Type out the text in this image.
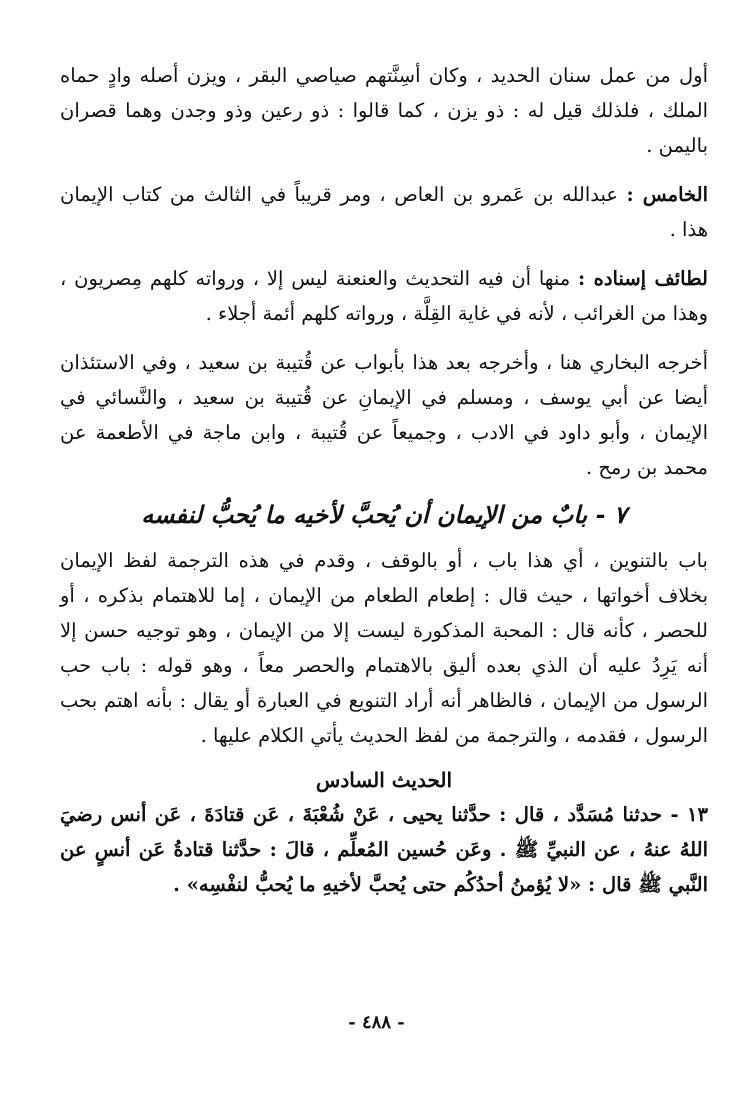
أول من عمل سنان الحديد ، وكان أسِنَّتهم صياصي البقر ، ويزن أصله وادٍ حماه الملك ، فلذلك قيل له : ذو يزن ، كما قالوا : ذو رعين وذو وجدن وهما قصران باليمن .

الخامس : عبدالله بن عَمرو بن العاص ، ومر قريباً في الثالث من كتاب الإيمان هذا .

لطائف إسناده : منها أن فيه التحديث والعنعنة ليس إلا ، ورواته كلهم مِصريون ، وهذا من الغرائب ، لأنه في غاية القِلَّة ، ورواته كلهم أئمة أجلاء .

أخرجه البخاري هنا ، وأخرجه بعد هذا بأبواب عن قُتيبة بن سعيد ، وفي الاستئذان أيضا عن أبي يوسف ، ومسلم في الإيمانِ عن قُتيبة بن سعيد ، والنَّسائي في الإيمان ، وأبو داود في الادب ، وجميعاً عن قُتيبة ، وابن ماجة في الأطعمة عن محمد بن رمح .

٧ - بابٌ من الإيمان أن يُحبَّ لأخيه ما يُحبُّ لنفسه

باب بالتنوين ، أي هذا باب ، أو بالوقف ، وقدم في هذه الترجمة لفظ الإيمان بخلاف أخواتها ، حيث قال : إطعام الطعام من الإيمان ، إما للاهتمام بذكره ، أو للحصر ، كأنه قال : المحبة المذكورة ليست إلا من الإيمان ، وهو توجيه حسن إلا أنه يَرِدُ عليه أن الذي بعده أليق بالاهتمام والحصر معاً ، وهو قوله : باب حب الرسول من الإيمان ، فالظاهر أنه أراد التنويع في العبارة أو يقال : بأنه اهتم بحب الرسول ، فقدمه ، والترجمة من لفظ الحديث يأتي الكلام عليها .

الحديث السادس

١٣ - حدثنا مُسَدَّد ، قال : حدَّثنا يحيى ، عَنْ شُعْبَةَ ، عَن قتادَةَ ، عَن أنس رضيَ اللهُ عنهُ ، عن النبيِّ ﷺ . وعَن حُسين المُعلِّم ، قالَ : حدَّثنا قتادةُ عَن أنسٍ عن النَّبي ﷺ قال : «لا يُؤمنُ أحدُكُم حتى يُحبَّ لأخيهِ ما يُحبُّ لنفْسِه» .

- ٤٨٨ -
